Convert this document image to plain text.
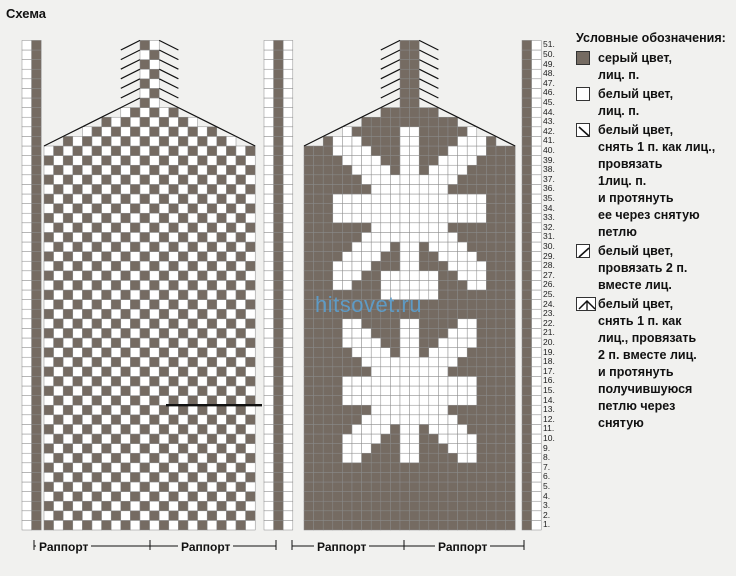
Схема
1.
2.
3.
4.
5.
6.
7.
8.
9.
10.
11.
12.
13.
14.
15.
16.
17.
18.
19.
20.
21.
22.
23.
24.
25.
26.
27.
28.
29.
30.
31.
32.
33.
34.
35.
36.
37.
38.
39.
40.
41.
42.
43.
44.
45.
46.
47.
48.
49.
50.
51.
Раппорт	Раппорт	Раппорт	Раппорт
hitsovet.ru
Условные обозначения:
серый цвет,
лиц. п.
белый цвет,
лиц. п.
белый цвет,
снять 1 п. как лиц.,
провязать
1лиц. п.
и протянуть
ее через снятую
петлю
белый цвет,
провязать 2 п.
вместе лиц.
белый цвет,
снять 1 п. как
лиц., провязать
2 п. вместе лиц.
и протянуть
получившуюся
петлю через
снятую
